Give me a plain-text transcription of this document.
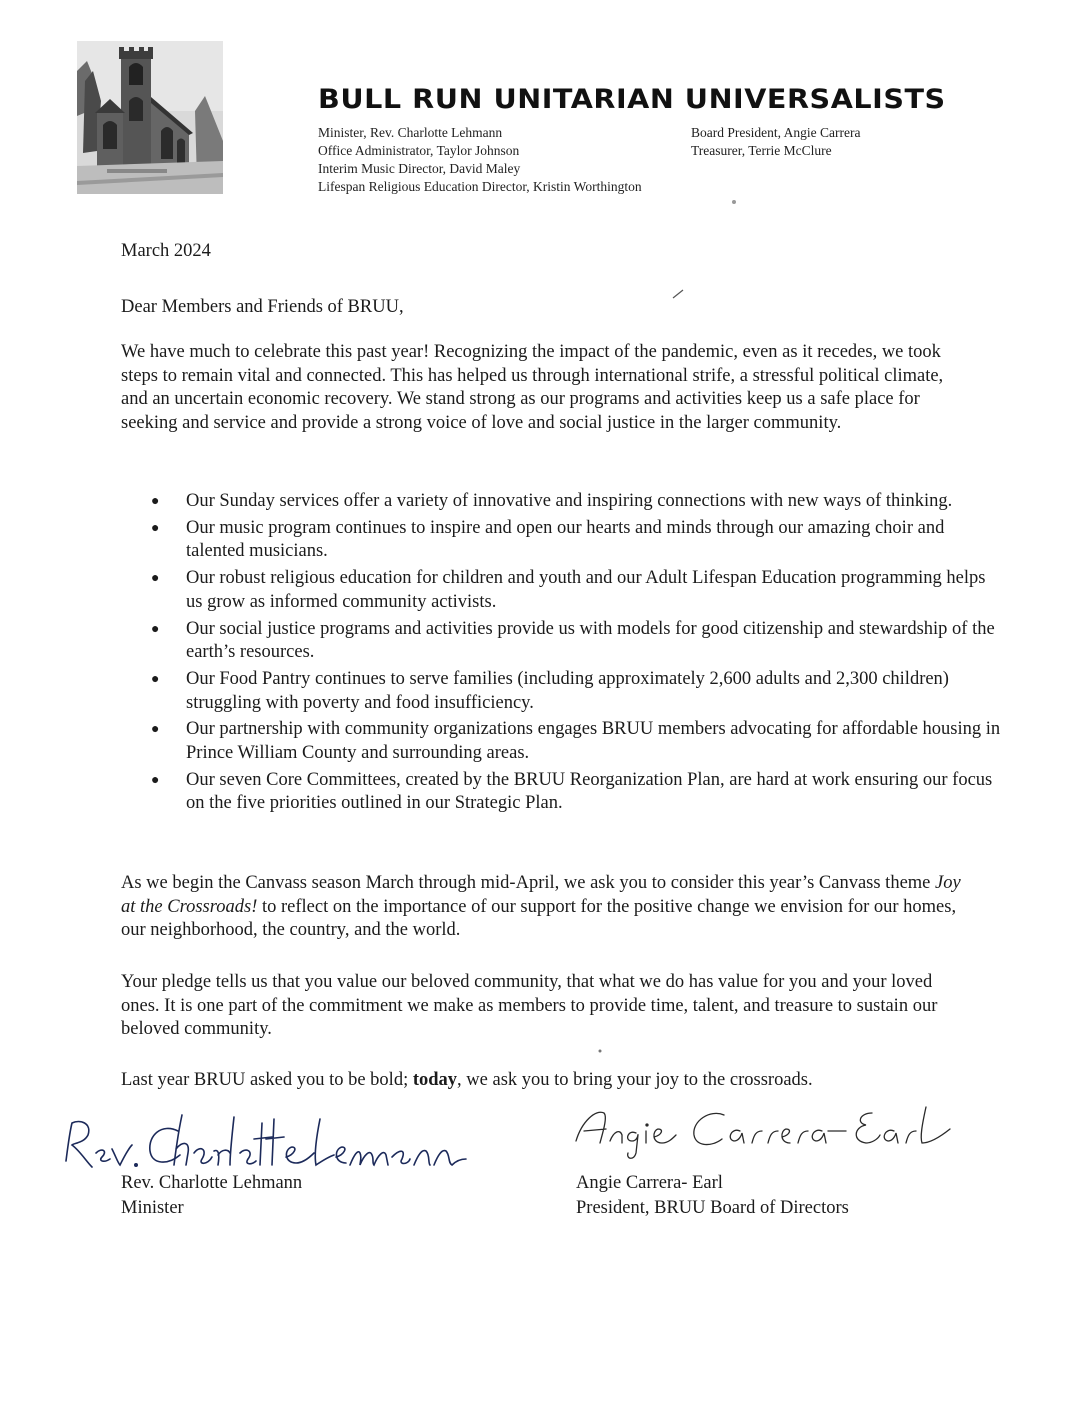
BULL RUN UNITARIAN UNIVERSALISTS
Minister, Rev. Charlotte Lehmann
Office Administrator, Taylor Johnson
Interim Music Director, David Maley
Lifespan Religious Education Director, Kristin Worthington
Board President, Angie Carrera
Treasurer, Terrie McClure
March 2024
Dear Members and Friends of BRUU,
We have much to celebrate this past year! Recognizing the impact of the pandemic, even as it recedes, we took steps to remain vital and connected. This has helped us through international strife, a stressful political climate, and an uncertain economic recovery. We stand strong as our programs and activities keep us a safe place for seeking and service and provide a strong voice of love and social justice in the larger community.
● Our Sunday services offer a variety of innovative and inspiring connections with new ways of thinking.
● Our music program continues to inspire and open our hearts and minds through our amazing choir and talented musicians.
● Our robust religious education for children and youth and our Adult Lifespan Education programming helps us grow as informed community activists.
● Our social justice programs and activities provide us with models for good citizenship and stewardship of the earth’s resources.
● Our Food Pantry continues to serve families (including approximately 2,600 adults and 2,300 children) struggling with poverty and food insufficiency.
● Our partnership with community organizations engages BRUU members advocating for affordable housing in Prince William County and surrounding areas.
● Our seven Core Committees, created by the BRUU Reorganization Plan, are hard at work ensuring our focus on the five priorities outlined in our Strategic Plan.
As we begin the Canvass season March through mid-April, we ask you to consider this year’s Canvass theme Joy at the Crossroads! to reflect on the importance of our support for the positive change we envision for our homes, our neighborhood, the country, and the world.
Your pledge tells us that you value our beloved community, that what we do has value for you and your loved ones. It is one part of the commitment we make as members to provide time, talent, and treasure to sustain our beloved community.
Last year BRUU asked you to be bold; today, we ask you to bring your joy to the crossroads.
Rev. Charlotte Lehmann
Minister
Angie Carrera- Earl
President, BRUU Board of Directors
